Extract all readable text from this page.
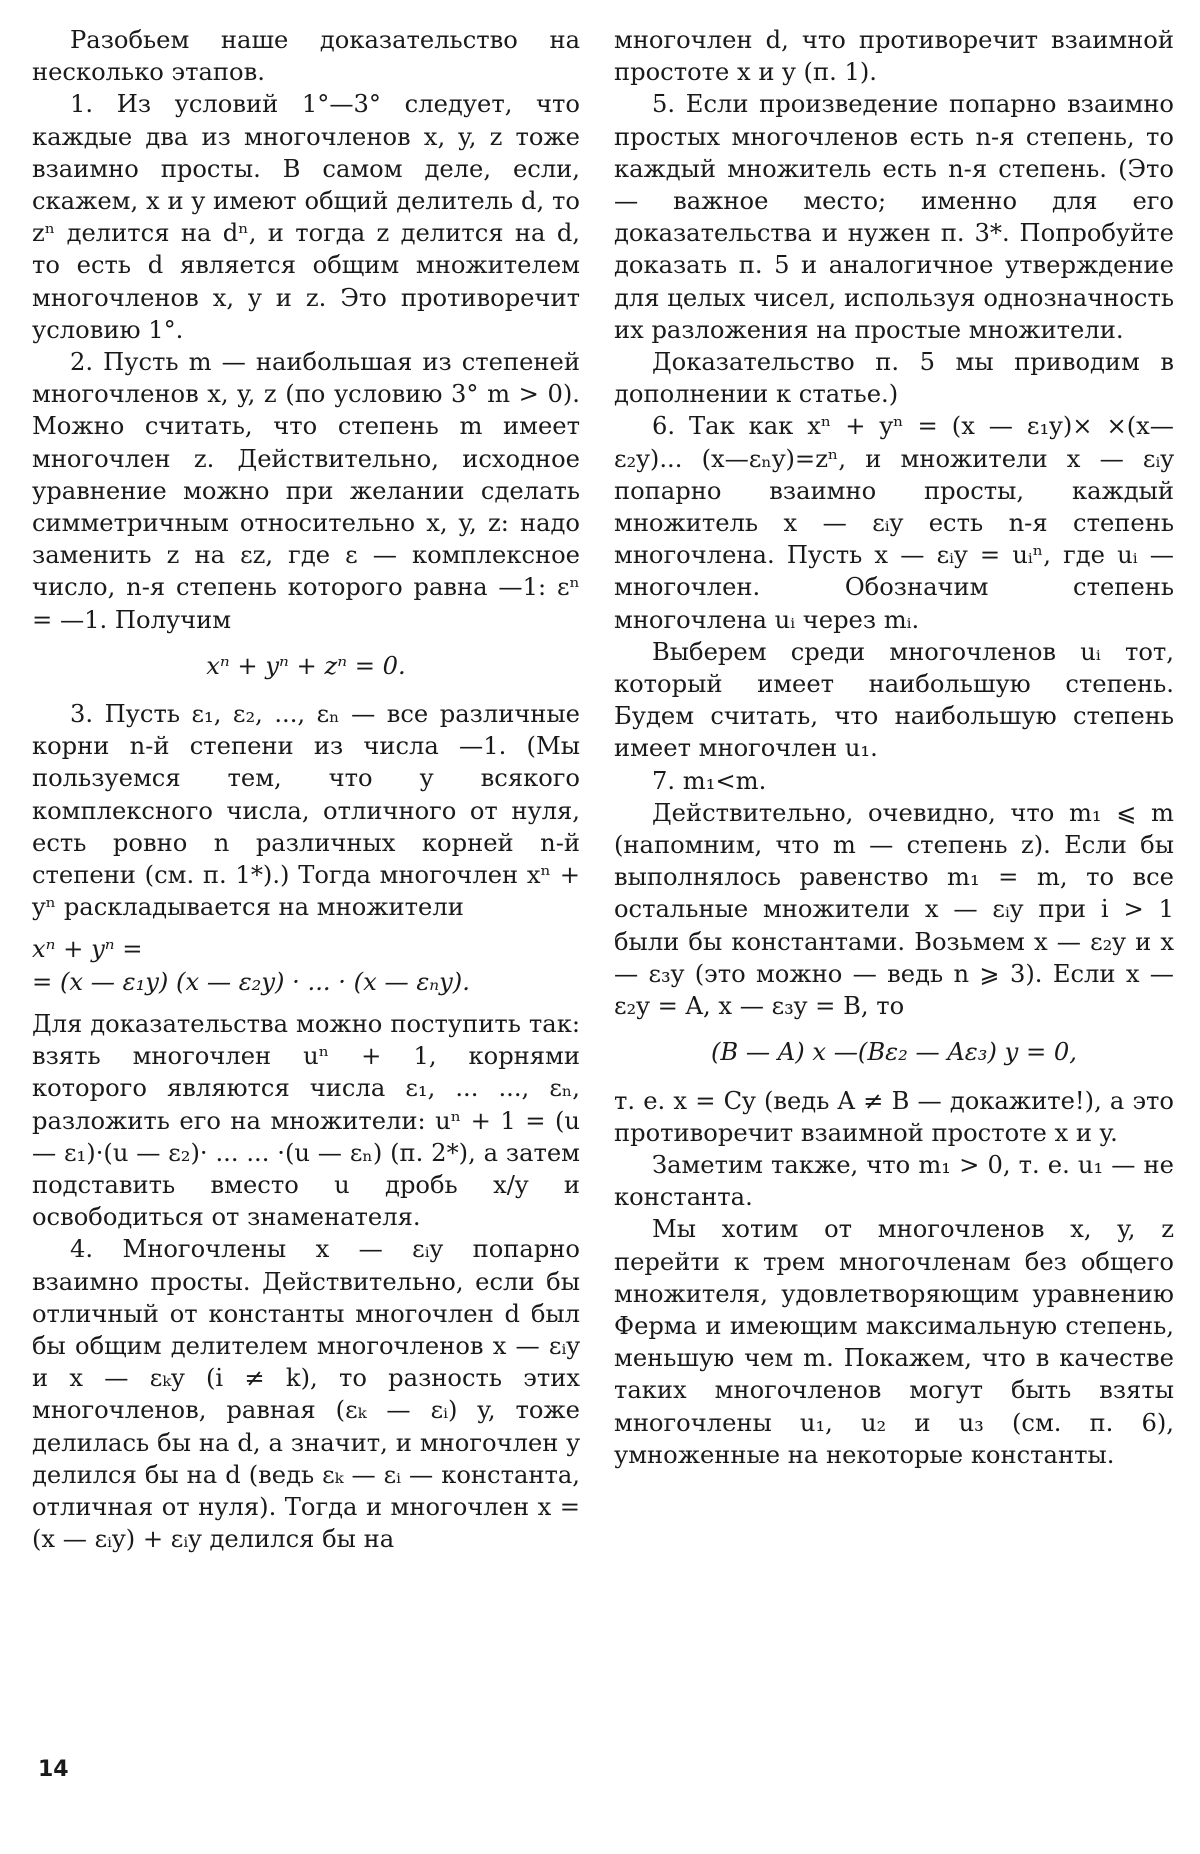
Разобьем наше доказательство на несколько этапов.

1. Из условий 1°—3° следует, что каждые два из многочленов x, y, z тоже взаимно просты. В самом деле, если, скажем, x и y имеют общий делитель d, то zⁿ делится на dⁿ, и тогда z делится на d, то есть d является общим множителем многочленов x, y и z. Это противоречит условию 1°.

2. Пусть m — наибольшая из степеней многочленов x, y, z (по условию 3° m > 0). Можно считать, что степень m имеет многочлен z. Действительно, исходное уравнение можно при желании сделать симметричным относительно x, y, z: надо заменить z на εz, где ε — комплексное число, n-я степень которого равна —1: εⁿ = —1. Получим

xⁿ + yⁿ + zⁿ = 0.

3. Пусть ε₁, ε₂, ..., εₙ — все различные корни n-й степени из числа —1. (Мы пользуемся тем, что у всякого комплексного числа, отличного от нуля, есть ровно n различных корней n-й степени (см. п. 1*).) Тогда многочлен xⁿ + yⁿ раскладывается на множители

xⁿ + yⁿ =
= (x — ε₁y) (x — ε₂y) · ... · (x — εₙy).

Для доказательства можно поступить так: взять многочлен uⁿ + 1, корнями которого являются числа ε₁, ... ..., εₙ, разложить его на множители: uⁿ + 1 = (u — ε₁)·(u — ε₂)· ... ... ·(u — εₙ) (п. 2*), а затем подставить вместо u дробь x/y и освободиться от знаменателя.

4. Многочлены x — εᵢy попарно взаимно просты. Действительно, если бы отличный от константы многочлен d был бы общим делителем многочленов x — εᵢy и x — εₖy (i ≠ k), то разность этих многочленов, равная (εₖ — εᵢ) y, тоже делилась бы на d, а значит, и многочлен y делился бы на d (ведь εₖ — εᵢ — константа, отличная от нуля). Тогда и многочлен x = (x — εᵢy) + εᵢy делился бы на

многочлен d, что противоречит взаимной простоте x и y (п. 1).

5. Если произведение попарно взаимно простых многочленов есть n-я степень, то каждый множитель есть n-я степень. (Это — важное место; именно для его доказательства и нужен п. 3*. Попробуйте доказать п. 5 и аналогичное утверждение для целых чисел, используя однозначность их разложения на простые множители.

Доказательство п. 5 мы приводим в дополнении к статье.)

6. Так как xⁿ + yⁿ = (x — ε₁y)× ×(x—ε₂y)... (x—εₙy)=zⁿ, и множители x — εᵢy попарно взаимно просты, каждый множитель x — εᵢy есть n-я степень многочлена. Пусть x — εᵢy = uᵢⁿ, где uᵢ — многочлен. Обозначим степень многочлена uᵢ через mᵢ.

Выберем среди многочленов uᵢ тот, который имеет наибольшую степень. Будем считать, что наибольшую степень имеет многочлен u₁.

7. m₁<m.

Действительно, очевидно, что m₁ ⩽ m (напомним, что m — степень z). Если бы выполнялось равенство m₁ = m, то все остальные множители x — εᵢy при i > 1 были бы константами. Возьмем x — ε₂y и x — ε₃y (это можно — ведь n ⩾ 3). Если x — ε₂y = A, x — ε₃y = B, то

(B — A) x —(Bε₂ — Aε₃) y = 0,

т. е. x = Cy (ведь A ≠ B — докажите!), а это противоречит взаимной простоте x и y.

Заметим также, что m₁ > 0, т. е. u₁ — не константа.

Мы хотим от многочленов x, y, z перейти к трем многочленам без общего множителя, удовлетворяющим уравнению Ферма и имеющим максимальную степень, меньшую чем m. Покажем, что в качестве таких многочленов могут быть взяты многочлены u₁, u₂ и u₃ (см. п. 6), умноженные на некоторые константы.

14
